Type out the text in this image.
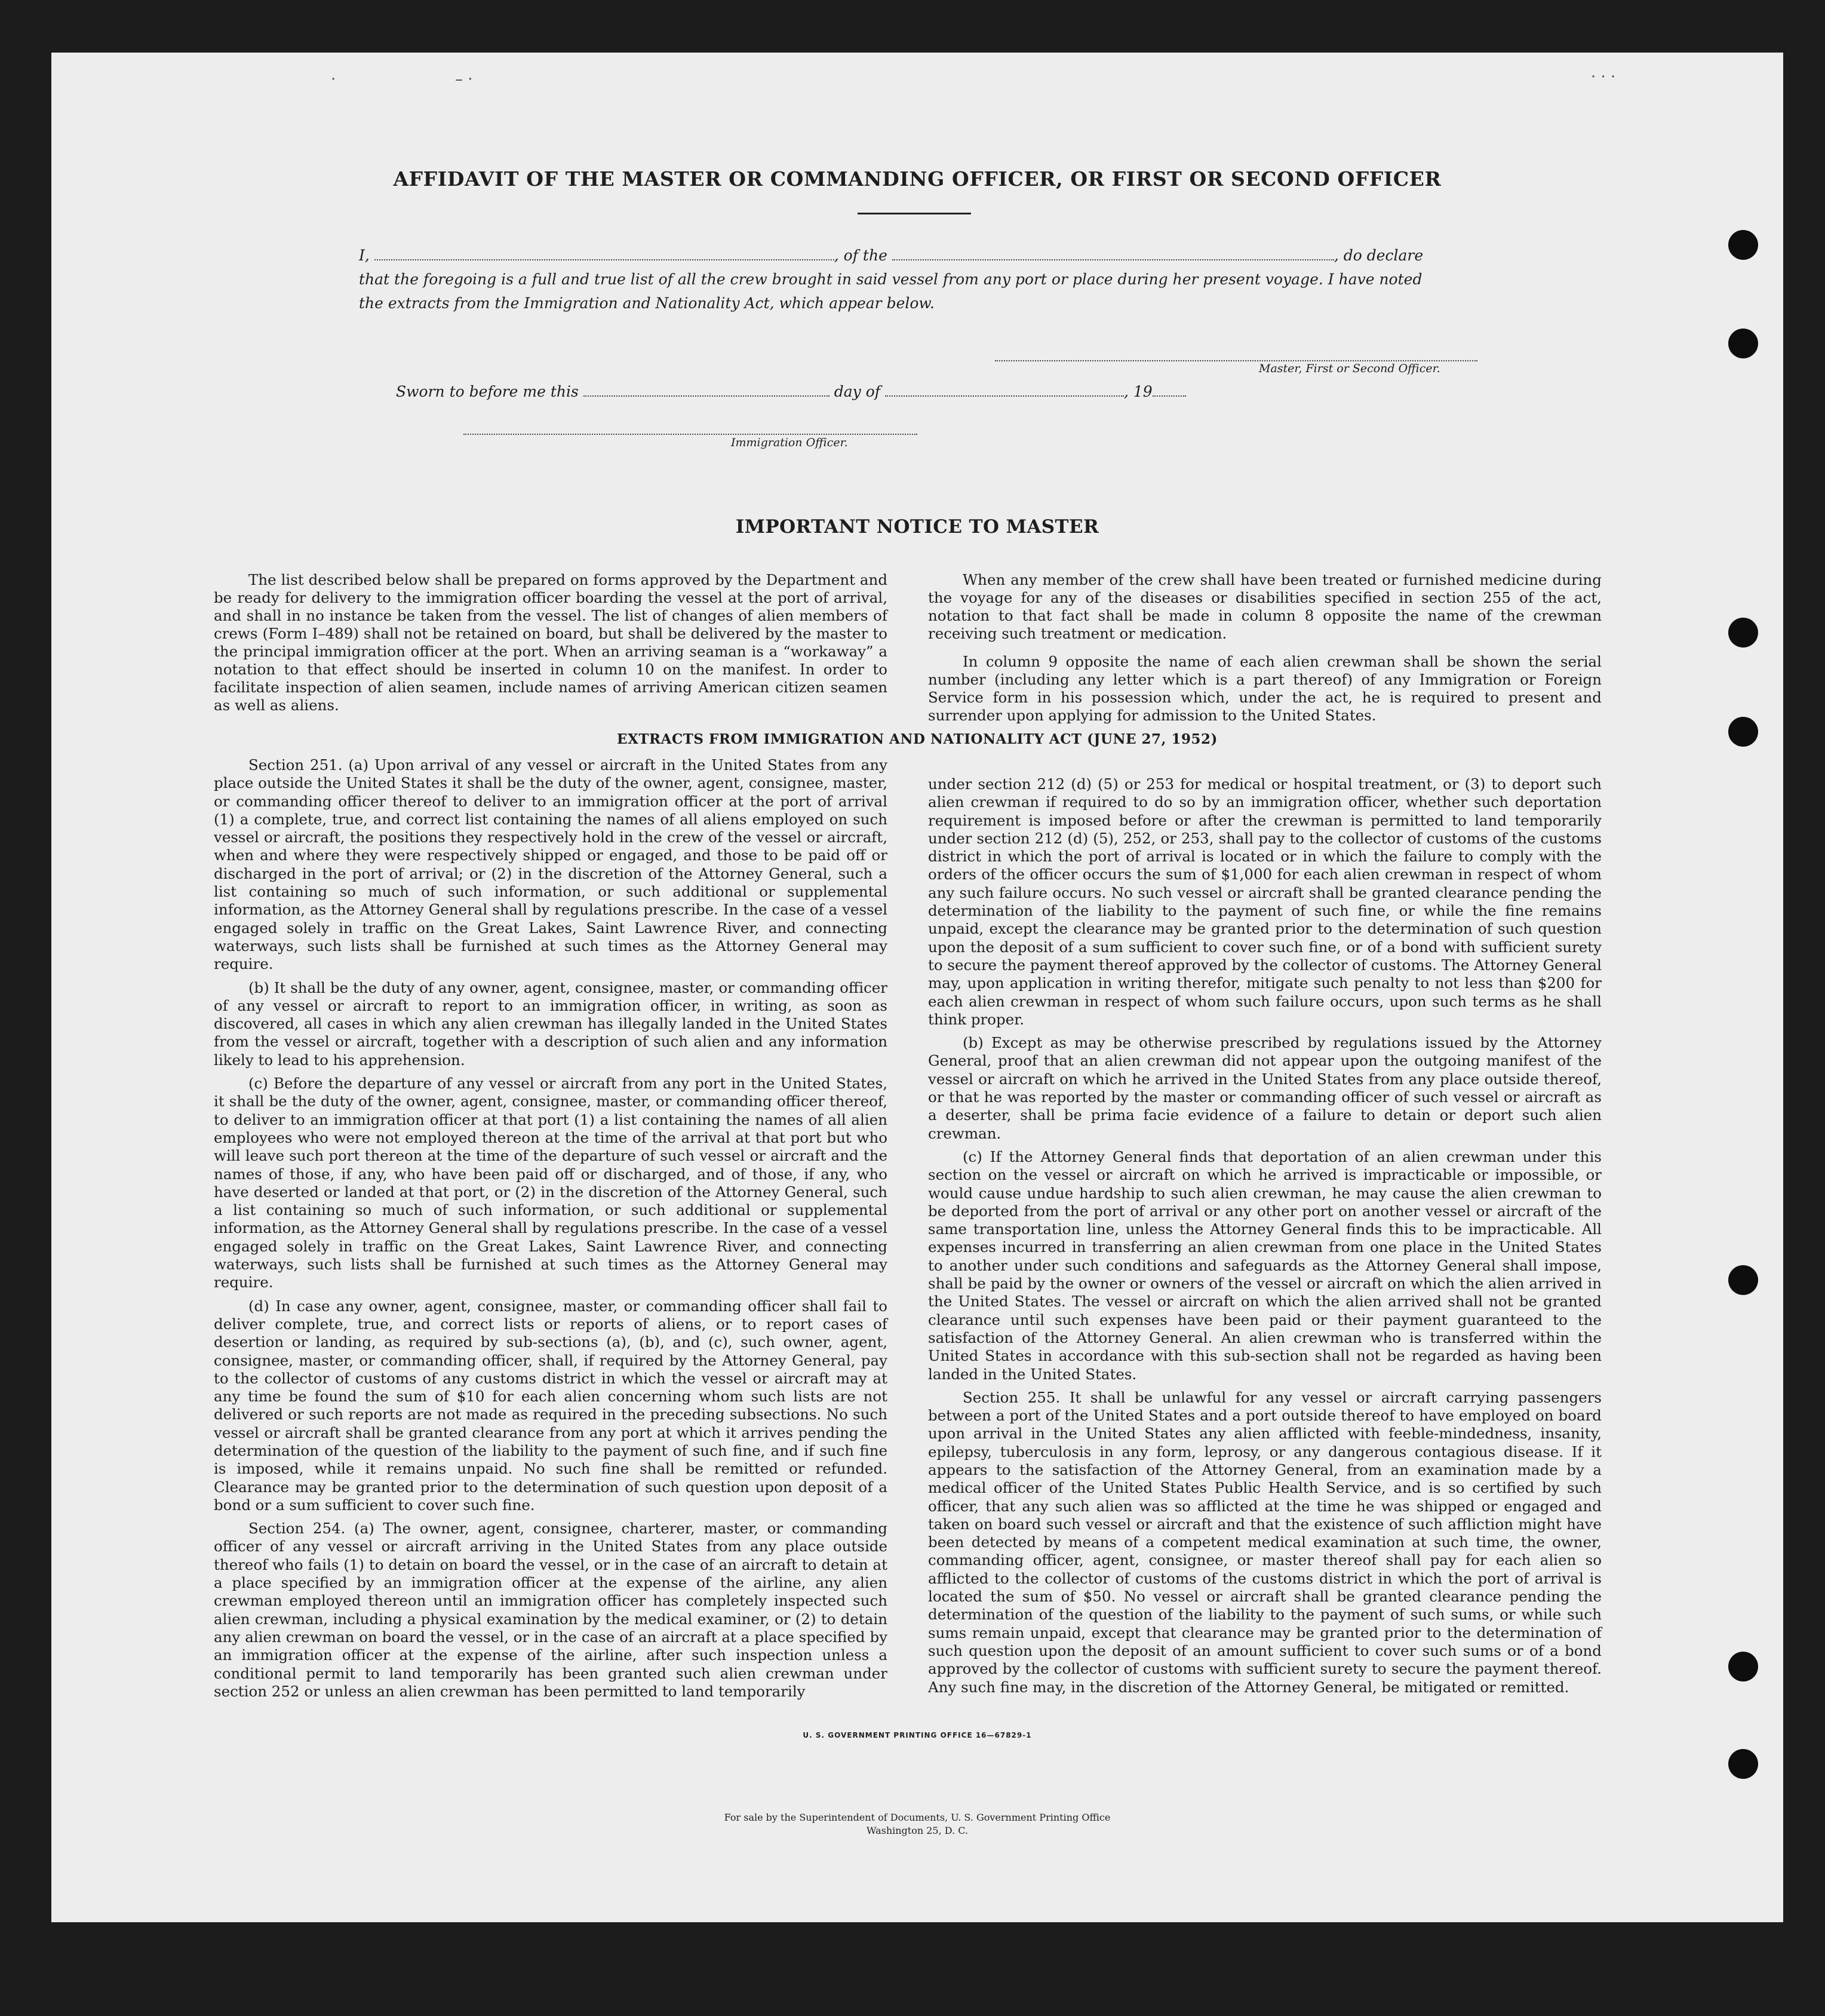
·	– ·	· · ·
AFFIDAVIT OF THE MASTER OR COMMANDING OFFICER, OR FIRST OR SECOND OFFICER
I,	, of the	, do declare
that the foregoing is a full and true list of all the crew brought in said vessel from any port or place during her present voyage. I have noted
the extracts from the Immigration and Nationality Act, which appear below.
Master, First or Second Officer.
Sworn to before me this	day of	, 19
Immigration Officer.
IMPORTANT NOTICE TO MASTER

The list described below shall be prepared on forms approved by the Department and be ready for delivery to the immigration officer boarding the vessel at the port of arrival, and shall in no instance be taken from the vessel. The list of changes of alien members of crews (Form I–489) shall not be retained on board, but shall be delivered by the master to the principal immigration officer at the port. When an arriving seaman is a “workaway” a notation to that effect should be inserted in column 10 on the manifest. In order to facilitate inspection of alien seamen, include names of arriving American citizen seamen as well as aliens.

When any member of the crew shall have been treated or furnished medicine during the voyage for any of the diseases or disabilities specified in section 255 of the act, notation to that fact shall be made in column 8 opposite the name of the crewman receiving such treatment or medication.

In column 9 opposite the name of each alien crewman shall be shown the serial number (including any letter which is a part thereof) of any Immigration or Foreign Service form in his possession which, under the act, he is required to present and surrender upon applying for admission to the United States.

EXTRACTS FROM IMMIGRATION AND NATIONALITY ACT (JUNE 27, 1952)

Section 251. (a) Upon arrival of any vessel or aircraft in the United States from any place outside the United States it shall be the duty of the owner, agent, consignee, master, or commanding officer thereof to deliver to an immigration officer at the port of arrival (1) a complete, true, and correct list containing the names of all aliens employed on such vessel or aircraft, the positions they respectively hold in the crew of the vessel or aircraft, when and where they were respectively shipped or engaged, and those to be paid off or discharged in the port of arrival; or (2) in the discretion of the Attorney General, such a list containing so much of such information, or such additional or supplemental information, as the Attorney General shall by regulations prescribe. In the case of a vessel engaged solely in traffic on the Great Lakes, Saint Lawrence River, and connecting waterways, such lists shall be furnished at such times as the Attorney General may require.

(b) It shall be the duty of any owner, agent, consignee, master, or commanding officer of any vessel or aircraft to report to an immigration officer, in writing, as soon as discovered, all cases in which any alien crewman has illegally landed in the United States from the vessel or aircraft, together with a description of such alien and any information likely to lead to his apprehension.

(c) Before the departure of any vessel or aircraft from any port in the United States, it shall be the duty of the owner, agent, consignee, master, or commanding officer thereof, to deliver to an immigration officer at that port (1) a list containing the names of all alien employees who were not employed thereon at the time of the arrival at that port but who will leave such port thereon at the time of the departure of such vessel or aircraft and the names of those, if any, who have been paid off or discharged, and of those, if any, who have deserted or landed at that port, or (2) in the discretion of the Attorney General, such a list containing so much of such information, or such additional or supplemental information, as the Attorney General shall by regulations prescribe. In the case of a vessel engaged solely in traffic on the Great Lakes, Saint Lawrence River, and connecting waterways, such lists shall be furnished at such times as the Attorney General may require.

(d) In case any owner, agent, consignee, master, or commanding officer shall fail to deliver complete, true, and correct lists or reports of aliens, or to report cases of desertion or landing, as required by sub-sections (a), (b), and (c), such owner, agent, consignee, master, or commanding officer, shall, if required by the Attorney General, pay to the collector of customs of any customs district in which the vessel or aircraft may at any time be found the sum of $10 for each alien concerning whom such lists are not delivered or such reports are not made as required in the preceding subsections. No such vessel or aircraft shall be granted clearance from any port at which it arrives pending the determination of the question of the liability to the payment of such fine, and if such fine is imposed, while it remains unpaid. No such fine shall be remitted or refunded. Clearance may be granted prior to the determination of such question upon deposit of a bond or a sum sufficient to cover such fine.

Section 254. (a) The owner, agent, consignee, charterer, master, or commanding officer of any vessel or aircraft arriving in the United States from any place outside thereof who fails (1) to detain on board the vessel, or in the case of an aircraft to detain at a place specified by an immigration officer at the expense of the airline, any alien crewman employed thereon until an immigration officer has completely inspected such alien crewman, including a physical examination by the medical examiner, or (2) to detain any alien crewman on board the vessel, or in the case of an aircraft at a place specified by an immigration officer at the expense of the airline, after such inspection unless a conditional permit to land temporarily has been granted such alien crewman under section 252 or unless an alien crewman has been permitted to land temporarily

under section 212 (d) (5) or 253 for medical or hospital treatment, or (3) to deport such alien crewman if required to do so by an immigration officer, whether such deportation requirement is imposed before or after the crewman is permitted to land temporarily under section 212 (d) (5), 252, or 253, shall pay to the collector of customs of the customs district in which the port of arrival is located or in which the failure to comply with the orders of the officer occurs the sum of $1,000 for each alien crewman in respect of whom any such failure occurs. No such vessel or aircraft shall be granted clearance pending the determination of the liability to the payment of such fine, or while the fine remains unpaid, except the clearance may be granted prior to the determination of such question upon the deposit of a sum sufficient to cover such fine, or of a bond with sufficient surety to secure the payment thereof approved by the collector of customs. The Attorney General may, upon application in writing therefor, mitigate such penalty to not less than $200 for each alien crewman in respect of whom such failure occurs, upon such terms as he shall think proper.

(b) Except as may be otherwise prescribed by regulations issued by the Attorney General, proof that an alien crewman did not appear upon the outgoing manifest of the vessel or aircraft on which he arrived in the United States from any place outside thereof, or that he was reported by the master or commanding officer of such vessel or aircraft as a deserter, shall be prima facie evidence of a failure to detain or deport such alien crewman.

(c) If the Attorney General finds that deportation of an alien crewman under this section on the vessel or aircraft on which he arrived is impracticable or impossible, or would cause undue hardship to such alien crewman, he may cause the alien crewman to be deported from the port of arrival or any other port on another vessel or aircraft of the same transportation line, unless the Attorney General finds this to be impracticable. All expenses incurred in transferring an alien crewman from one place in the United States to another under such conditions and safeguards as the Attorney General shall impose, shall be paid by the owner or owners of the vessel or aircraft on which the alien arrived in the United States. The vessel or aircraft on which the alien arrived shall not be granted clearance until such expenses have been paid or their payment guaranteed to the satisfaction of the Attorney General. An alien crewman who is transferred within the United States in accordance with this sub-section shall not be regarded as having been landed in the United States.

Section 255. It shall be unlawful for any vessel or aircraft carrying passengers between a port of the United States and a port outside thereof to have employed on board upon arrival in the United States any alien afflicted with feeble-mindedness, insanity, epilepsy, tuberculosis in any form, leprosy, or any dangerous contagious disease. If it appears to the satisfaction of the Attorney General, from an examination made by a medical officer of the United States Public Health Service, and is so certified by such officer, that any such alien was so afflicted at the time he was shipped or engaged and taken on board such vessel or aircraft and that the existence of such affliction might have been detected by means of a competent medical examination at such time, the owner, commanding officer, agent, consignee, or master thereof shall pay for each alien so afflicted to the collector of customs of the customs district in which the port of arrival is located the sum of $50. No vessel or aircraft shall be granted clearance pending the determination of the question of the liability to the payment of such sums, or while such sums remain unpaid, except that clearance may be granted prior to the determination of such question upon the deposit of an amount sufficient to cover such sums or of a bond approved by the collector of customs with sufficient surety to secure the payment thereof. Any such fine may, in the discretion of the Attorney General, be mitigated or remitted.

U. S. GOVERNMENT PRINTING OFFICE 16—67829-1
For sale by the Superintendent of Documents, U. S. Government Printing Office
Washington 25, D. C.
